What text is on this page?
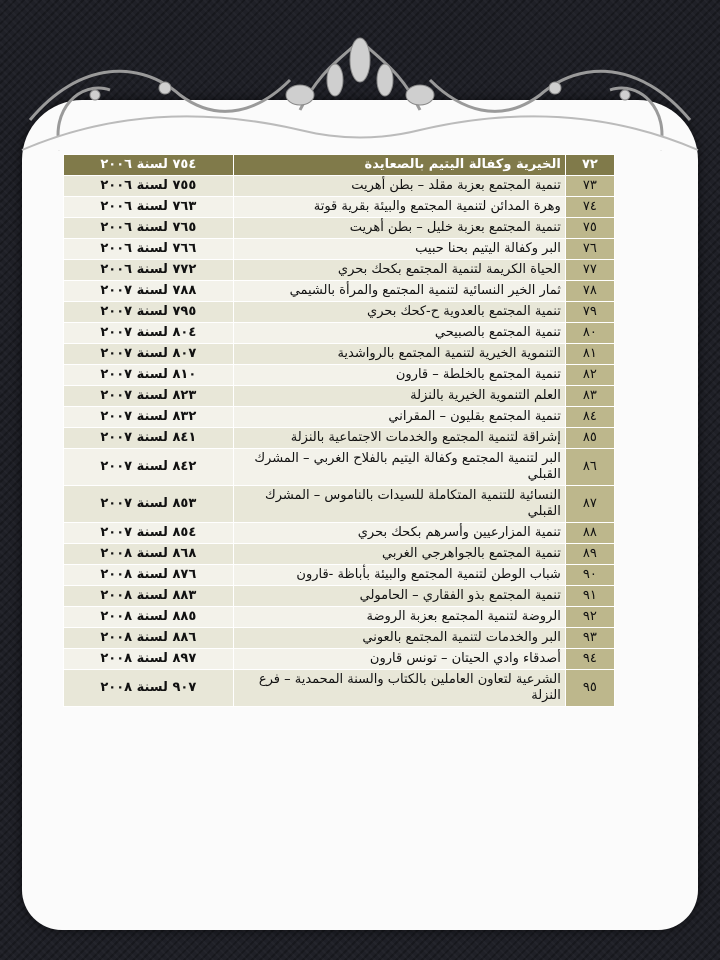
٧٢	الخيرية وكفالة اليتيم بالصعايدة	٧٥٤ لسنة ٢٠٠٦
٧٣	تنمية المجتمع بعزبة مقلد – بطن أهريت	٧٥٥ لسنة ٢٠٠٦
٧٤	وهرة المدائن لتنمية المجتمع والبيئة بقرية قوتة	٧٦٣ لسنة ٢٠٠٦
٧٥	تنمية المجتمع بعزبة خليل – بطن أهريت	٧٦٥ لسنة ٢٠٠٦
٧٦	البر وكفالة اليتيم بحنا حبيب	٧٦٦ لسنة ٢٠٠٦
٧٧	الحياة الكريمة لتنمية المجتمع بكحك بحري	٧٧٢ لسنة ٢٠٠٦
٧٨	ثمار الخير النسائية لتنمية المجتمع والمرأة بالشيمي	٧٨٨ لسنة ٢٠٠٧
٧٩	تنمية المجتمع بالعدوية ح-كحك بحري	٧٩٥ لسنة ٢٠٠٧
٨٠	تنمية المجتمع بالصبيحي	٨٠٤ لسنة ٢٠٠٧
٨١	التنموية الخيرية لتنمية المجتمع بالرواشدية	٨٠٧ لسنة ٢٠٠٧
٨٢	تنمية المجتمع بالخلطة – قارون	٨١٠ لسنة ٢٠٠٧
٨٣	العلم التنموية الخيرية بالنزلة	٨٢٣ لسنة ٢٠٠٧
٨٤	تنمية المجتمع بقليون – المقراني	٨٣٢ لسنة ٢٠٠٧
٨٥	إشراقة لتنمية المجتمع والخدمات الاجتماعية بالنزلة	٨٤١ لسنة ٢٠٠٧
٨٦	البر لتنمية المجتمع وكفالة اليتيم بالفلاح الغربي – المشرك القبلي	٨٤٢ لسنة ٢٠٠٧
٨٧	النسائية للتنمية المتكاملة للسيدات بالناموس – المشرك القبلي	٨٥٣ لسنة ٢٠٠٧
٨٨	تنمية المزارعيين وأسرهم بكحك بحري	٨٥٤ لسنة ٢٠٠٧
٨٩	تنمية المجتمع بالجواهرجي الغربي	٨٦٨ لسنة ٢٠٠٨
٩٠	شباب الوطن لتنمية المجتمع والبيئة بأباظة -قارون	٨٧٦ لسنة ٢٠٠٨
٩١	تنمية المجتمع بذو الفقاري – الحامولي	٨٨٣ لسنة ٢٠٠٨
٩٢	الروضة لتنمية المجتمع بعزبة الروضة	٨٨٥ لسنة ٢٠٠٨
٩٣	البر والخدمات لتنمية المجتمع بالعوني	٨٨٦ لسنة ٢٠٠٨
٩٤	أصدقاء وادي الحيتان – تونس قارون	٨٩٧ لسنة ٢٠٠٨
٩٥	الشرعية لتعاون العاملين بالكتاب والسنة المحمدية – فرع النزلة	٩٠٧ لسنة ٢٠٠٨
